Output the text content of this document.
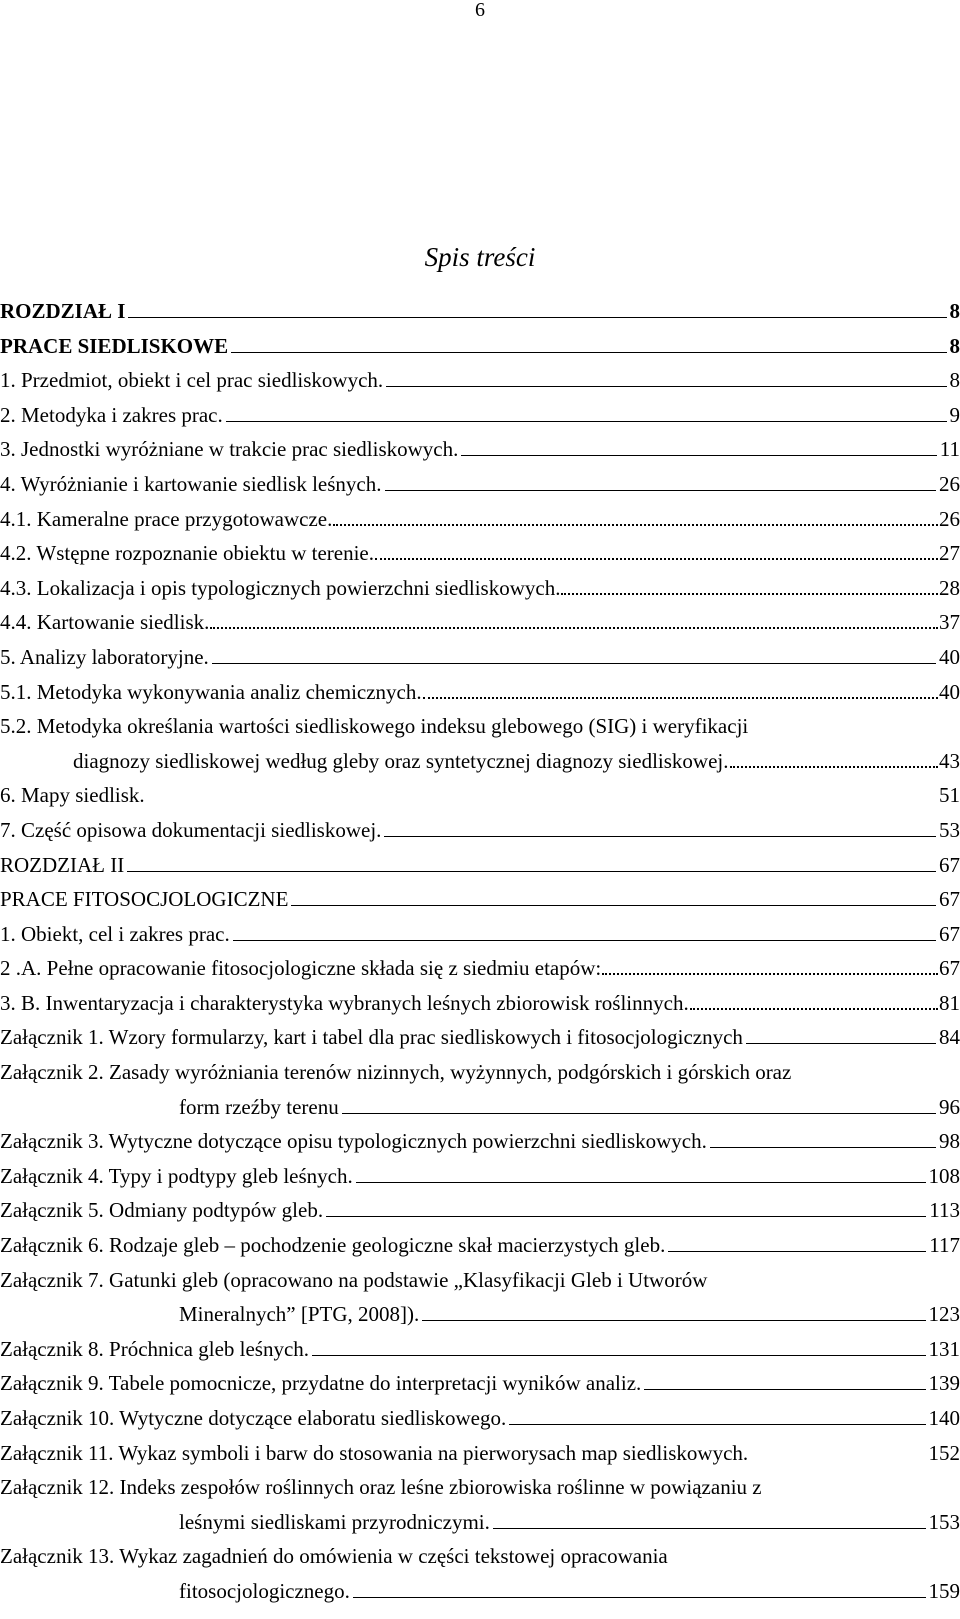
6
Spis treści
ROZDZIAŁ I	8
PRACE SIEDLISKOWE	8
1. Przedmiot, obiekt i cel prac siedliskowych.	8
2. Metodyka i zakres prac.	9
3. Jednostki wyróżniane w trakcie prac siedliskowych.	11
4. Wyróżnianie i kartowanie siedlisk leśnych.	26
4.1. Kameralne prace przygotowawcze.	26
4.2. Wstępne rozpoznanie obiektu w terenie.	27
4.3. Lokalizacja i opis typologicznych powierzchni siedliskowych.	28
4.4. Kartowanie siedlisk.	37
5. Analizy laboratoryjne.	40
5.1. Metodyka wykonywania analiz chemicznych.	40
5.2. Metodyka określania wartości siedliskowego indeksu glebowego (SIG) i weryfikacji
diagnozy siedliskowej według gleby oraz syntetycznej diagnozy siedliskowej.	43
6. Mapy siedlisk.	51
7. Część opisowa dokumentacji siedliskowej.	53
ROZDZIAŁ II	67
PRACE FITOSOCJOLOGICZNE	67
1. Obiekt, cel i zakres prac.	67
2 .A. Pełne opracowanie fitosocjologiczne składa się z siedmiu etapów:	67
3. B. Inwentaryzacja i charakterystyka wybranych leśnych zbiorowisk roślinnych.	81
Załącznik 1. Wzory formularzy, kart i tabel dla prac siedliskowych i fitosocjologicznych	84
Załącznik 2. Zasady wyróżniania terenów nizinnych, wyżynnych, podgórskich i górskich oraz
form rzeźby terenu	96
Załącznik 3. Wytyczne dotyczące opisu typologicznych powierzchni siedliskowych.	98
Załącznik 4. Typy i podtypy gleb leśnych.	108
Załącznik 5. Odmiany podtypów gleb.	113
Załącznik 6. Rodzaje gleb – pochodzenie geologiczne skał macierzystych gleb.	117
Załącznik 7. Gatunki gleb (opracowano na podstawie „Klasyfikacji Gleb i Utworów
Mineralnych” [PTG, 2008]).	123
Załącznik 8. Próchnica gleb leśnych.	131
Załącznik 9. Tabele pomocnicze, przydatne do interpretacji wyników analiz.	139
Załącznik 10. Wytyczne dotyczące elaboratu siedliskowego.	140
Załącznik 11. Wykaz symboli i barw do stosowania na pierworysach map siedliskowych.	152
Załącznik 12. Indeks zespołów roślinnych oraz leśne zbiorowiska roślinne w powiązaniu z
leśnymi siedliskami przyrodniczymi.	153
Załącznik 13. Wykaz zagadnień do omówienia w części tekstowej opracowania
fitosocjologicznego.	159
